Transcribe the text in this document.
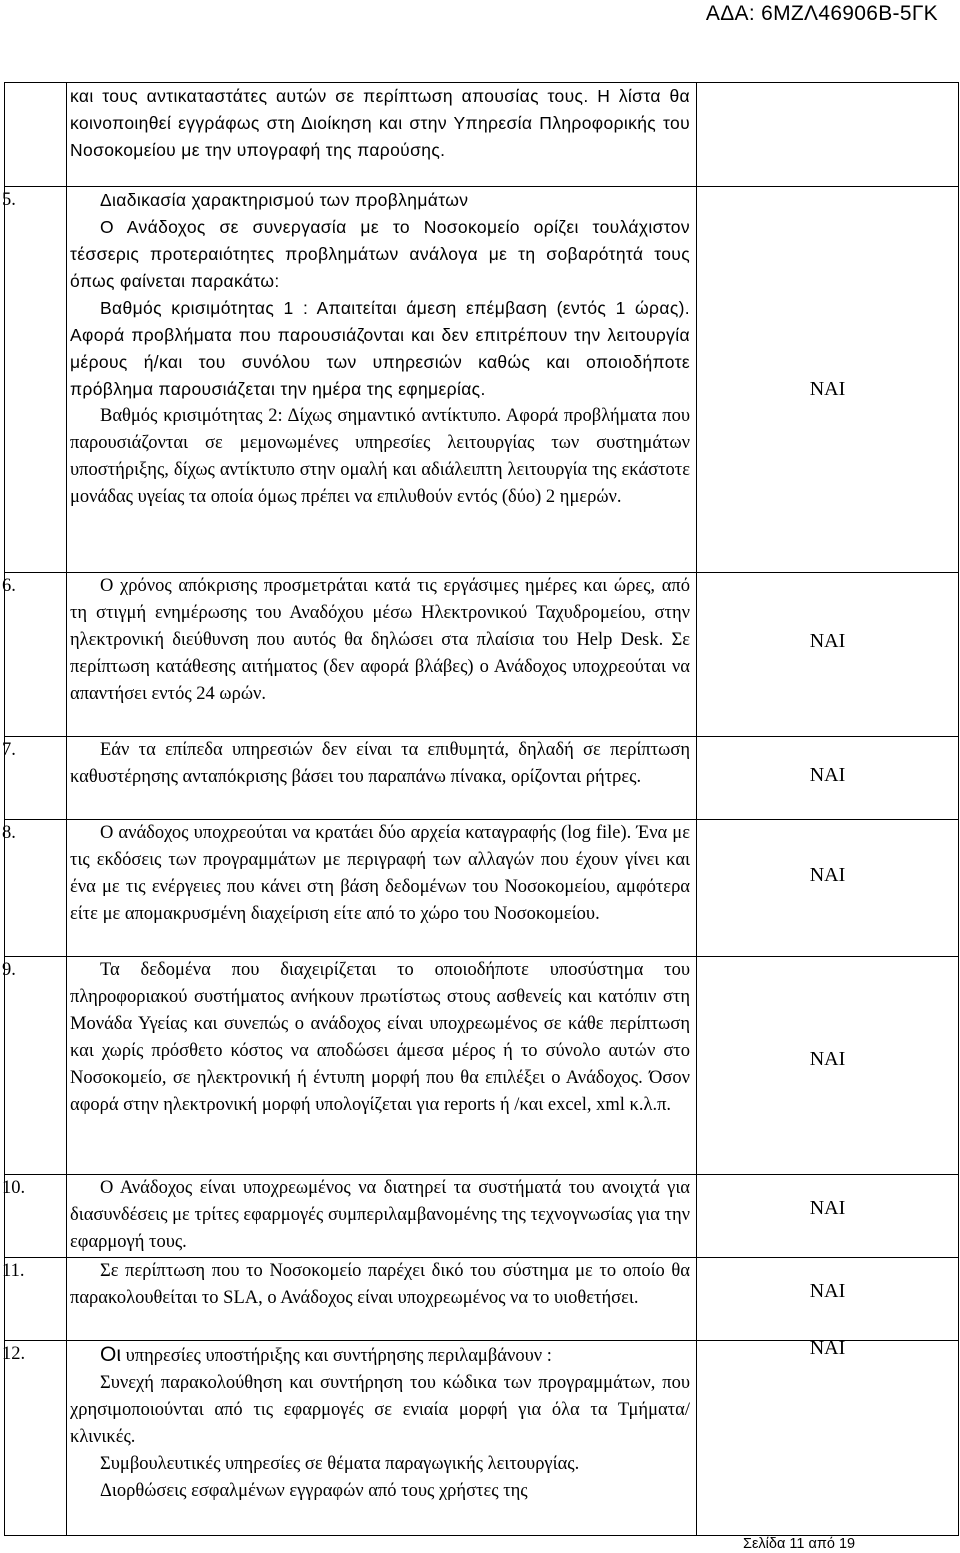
ΑΔΑ: 6ΜΖΛ46906Β-5ΓΚ

	και τους αντικαταστάτες αυτών σε περίπτωση απουσίας τους. Η λίστα θα κοινοποιηθεί εγγράφως στη Διοίκηση και στην Υπηρεσία Πληροφορικής του Νοσοκομείου με την υπογραφή της παρούσης.	

5.	Διαδικασία χαρακτηρισμού των προβλημάτων
Ο Ανάδοχος σε συνεργασία με το Νοσοκομείο ορίζει τουλάχιστον τέσσερις προτεραιότητες προβλημάτων ανάλογα με τη σοβαρότητά τους όπως φαίνεται παρακάτω:
Βαθμός κρισιμότητας 1 : Απαιτείται άμεση επέμβαση (εντός 1 ώρας). Αφορά προβλήματα που παρουσιάζονται και δεν επιτρέπουν την λειτουργία μέρους ή/και του συνόλου των υπηρεσιών καθώς και οποιοδήποτε πρόβλημα παρουσιάζεται την ημέρα της εφημερίας.
Βαθμός κρισιμότητας 2: Δίχως σημαντικό αντίκτυπο. Αφορά προβλήματα που παρουσιάζονται σε μεμονωμένες υπηρεσίες λειτουργίας των συστημάτων υποστήριξης, δίχως αντίκτυπο στην ομαλή και αδιάλειπτη λειτουργία της εκάστοτε μονάδας υγείας τα οποία όμως πρέπει να επιλυθούν εντός (δύο) 2 ημερών.	ΝΑΙ

6.	Ο χρόνος απόκρισης προσμετράται κατά τις εργάσιμες ημέρες και ώρες, από τη στιγμή ενημέρωσης του Αναδόχου μέσω Ηλεκτρονικού Ταχυδρομείου, στην ηλεκτρονική διεύθυνση που αυτός θα δηλώσει στα πλαίσια του Help Desk. Σε περίπτωση κατάθεσης αιτήματος (δεν αφορά βλάβες) ο Ανάδοχος υποχρεούται να απαντήσει εντός 24 ωρών.	ΝΑΙ

7.	Εάν τα επίπεδα υπηρεσιών δεν είναι τα επιθυμητά, δηλαδή σε περίπτωση καθυστέρησης ανταπόκρισης βάσει του παραπάνω πίνακα, ορίζονται ρήτρες.	ΝΑΙ

8.	Ο ανάδοχος υποχρεούται να κρατάει δύο αρχεία καταγραφής (log file). Ένα με τις εκδόσεις των προγραμμάτων με περιγραφή των αλλαγών που έχουν γίνει και ένα με τις ενέργειες που κάνει στη βάση δεδομένων του Νοσοκομείου, αμφότερα είτε με απομακρυσμένη διαχείριση είτε από το χώρο του Νοσοκομείου.	ΝΑΙ

9.	Τα δεδομένα που διαχειρίζεται το οποιοδήποτε υποσύστημα του πληροφοριακού συστήματος ανήκουν πρωτίστως στους ασθενείς και κατόπιν στη Μονάδα Υγείας και συνεπώς ο ανάδοχος είναι υποχρεωμένος σε κάθε περίπτωση και χωρίς πρόσθετο κόστος να αποδώσει άμεσα μέρος ή το σύνολο αυτών στο Νοσοκομείο, σε ηλεκτρονική ή έντυπη μορφή που θα επιλέξει ο Ανάδοχος. Όσον αφορά στην ηλεκτρονική μορφή υπολογίζεται για reports ή /και excel, xml κ.λ.π.	ΝΑΙ

10.	Ο Ανάδοχος είναι υποχρεωμένος να διατηρεί τα συστήματά του ανοιχτά για διασυνδέσεις με τρίτες εφαρμογές συμπεριλαμβανομένης της τεχνογνωσίας για την εφαρμογή τους.	ΝΑΙ

11.	Σε περίπτωση που το Νοσοκομείο παρέχει δικό του σύστημα με το οποίο θα παρακολουθείται το SLA, ο Ανάδοχος είναι υποχρεωμένος να το υιοθετήσει.	ΝΑΙ

12.	Οι υπηρεσίες υποστήριξης και συντήρησης περιλαμβάνουν :
Συνεχή παρακολούθηση και συντήρηση του κώδικα των προγραμμάτων, που χρησιμοποιούνται από τις εφαρμογές σε ενιαία μορφή για όλα τα Τμήματα/κλινικές.
Συμβουλευτικές υπηρεσίες σε θέματα παραγωγικής λειτουργίας.
Διορθώσεις εσφαλμένων εγγραφών από τους χρήστες της	ΝΑΙ
Σελίδα 11 από 19
